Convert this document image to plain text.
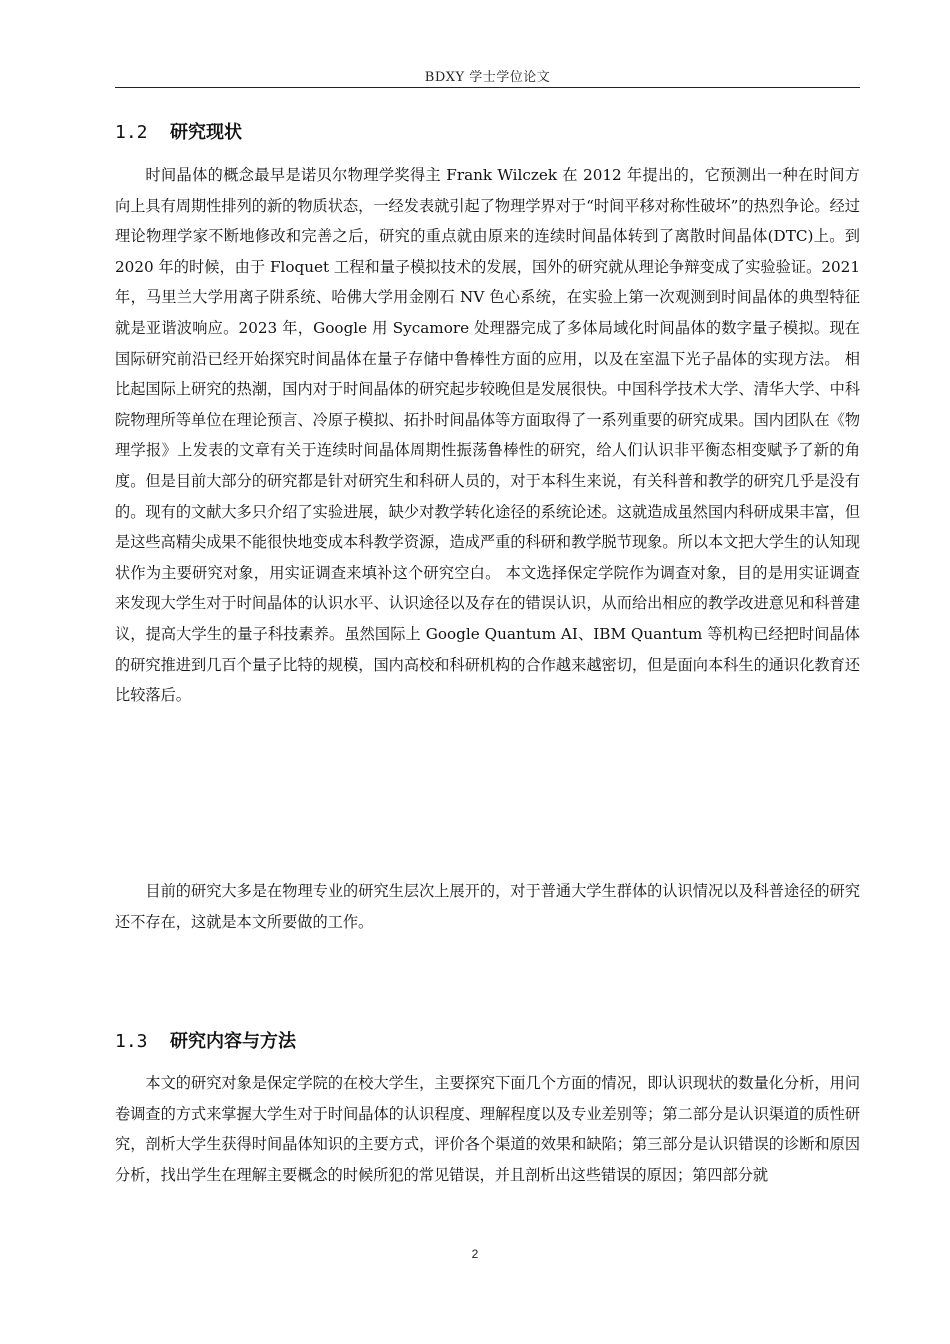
BDXY 学士学位论文
1.2 研究现状

时间晶体的概念最早是诺贝尔物理学奖得主 Frank Wilczek 在 2012 年提出的，它预测出一种在时间方向上具有周期性排列的新的物质状态，一经发表就引起了物理学界对于“时间平移对称性破坏”的热烈争论。经过理论物理学家不断地修改和完善之后，研究的重点就由原来的连续时间晶体转到了离散时间晶体(DTC)上。到 2020 年的时候，由于 Floquet 工程和量子模拟技术的发展，国外的研究就从理论争辩变成了实验验证。2021 年，马里兰大学用离子阱系统、哈佛大学用金刚石 NV 色心系统，在实验上第一次观测到时间晶体的典型特征就是亚谐波响应。2023 年，Google 用 Sycamore 处理器完成了多体局域化时间晶体的数字量子模拟。现在国际研究前沿已经开始探究时间晶体在量子存储中鲁棒性方面的应用，以及在室温下光子晶体的实现方法。 相比起国际上研究的热潮，国内对于时间晶体的研究起步较晚但是发展很快。中国科学技术大学、清华大学、中科院物理所等单位在理论预言、冷原子模拟、拓扑时间晶体等方面取得了一系列重要的研究成果。国内团队在《物理学报》上发表的文章有关于连续时间晶体周期性振荡鲁棒性的研究，给人们认识非平衡态相变赋予了新的角度。但是目前大部分的研究都是针对研究生和科研人员的，对于本科生来说，有关科普和教学的研究几乎是没有的。现有的文献大多只介绍了实验进展，缺少对教学转化途径的系统论述。这就造成虽然国内科研成果丰富，但是这些高精尖成果不能很快地变成本科教学资源，造成严重的科研和教学脱节现象。所以本文把大学生的认知现状作为主要研究对象，用实证调查来填补这个研究空白。 本文选择保定学院作为调查对象，目的是用实证调查来发现大学生对于时间晶体的认识水平、认识途径以及存在的错误认识，从而给出相应的教学改进意见和科普建议，提高大学生的量子科技素养。虽然国际上 Google Quantum AI、IBM Quantum 等机构已经把时间晶体的研究推进到几百个量子比特的规模，国内高校和科研机构的合作越来越密切，但是面向本科生的通识化教育还比较落后。

目前的研究大多是在物理专业的研究生层次上展开的，对于普通大学生群体的认识情况以及科普途径的研究还不存在，这就是本文所要做的工作。

1.3 研究内容与方法

本文的研究对象是保定学院的在校大学生，主要探究下面几个方面的情况，即认识现状的数量化分析，用问卷调查的方式来掌握大学生对于时间晶体的认识程度、理解程度以及专业差别等；第二部分是认识渠道的质性研究，剖析大学生获得时间晶体知识的主要方式，评价各个渠道的效果和缺陷；第三部分是认识错误的诊断和原因分析，找出学生在理解主要概念的时候所犯的常见错误，并且剖析出这些错误的原因；第四部分就

2
